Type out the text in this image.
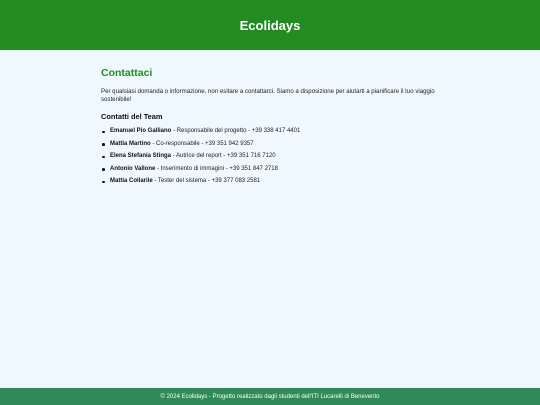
Ecolidays
Contattaci

Per qualsiasi domanda o informazione, non esitare a contattarci. Siamo a disposizione per aiutarti a pianificare il tuo viaggio sostenibile!

Contatti del Team
Emanuel Pio Galliano - Responsabile del progetto - +39 338 417 4401
Mattia Martino - Co-responsabile - +39 351 942 9357
Elena Stefania Stinga - Autrice del report - +39 351 716 7120
Antonio Vallone - Inserimento di immagini - +39 351 847 2718
Mattia Collarile - Tester del sistema - +39 377 083 2581

© 2024 Ecolidays - Progetto realizzato dagli studenti dell'ITI Lucarelli di Benevento
